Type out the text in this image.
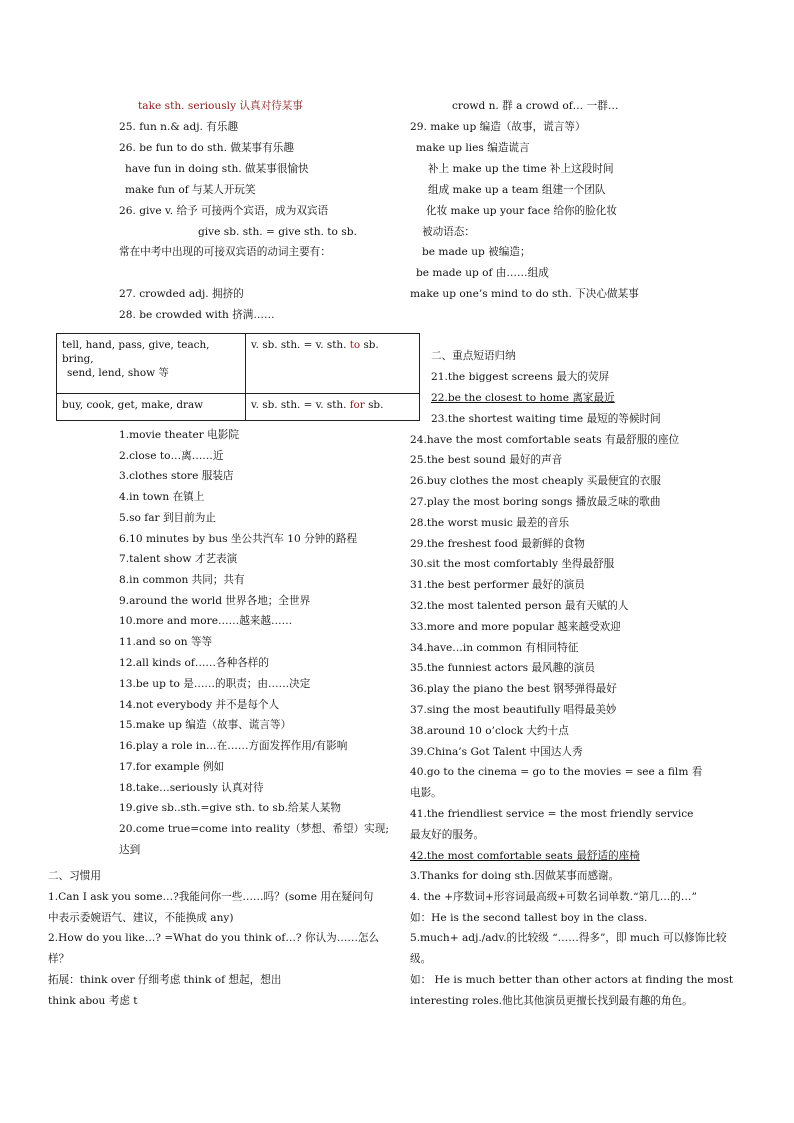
take sth. seriously 认真对待某事
25. fun n.& adj. 有乐趣
26. be fun to do sth. 做某事有乐趣
have fun in doing sth. 做某事很愉快
make fun of 与某人开玩笑
26. give v. 给予 可接两个宾语，成为双宾语
give sb. sth. = give sth. to sb.
常在中考中出现的可接双宾语的动词主要有：
27. crowded adj. 拥挤的
28. be crowded with 挤满……
tell, hand, pass, give, teach, bring,
send, lend, show 等	v. sb. sth. = v. sth. to sb.

buy, cook, get, make, draw	v. sb. sth. = v. sth. for sb.
1.movie theater 电影院
2.close to…离……近
3.clothes store 服装店
4.in town 在镇上
5.so far 到目前为止
6.10 minutes by bus 坐公共汽车 10 分钟的路程
7.talent show 才艺表演
8.in common 共同；共有
9.around the world 世界各地；全世界
10.more and more……越来越……
11.and so on 等等
12.all kinds of……各种各样的
13.be up to 是……的职责；由……决定
14.not everybody 并不是每个人
15.make up 编造（故事、谎言等）
16.play a role in…在……方面发挥作用/有影响
17.for example 例如
18.take…seriously 认真对待
19.give sb..sth.=give sth. to sb.给某人某物
20.come true=come into reality（梦想、希望）实现;
达到
二、习惯用
1.Can I ask you some…?我能问你一些……吗？(some 用在疑问句
中表示委婉语气、建议，不能换成 any)
2.How do you like…? =What do you think of…? 你认为……怎么
样？
拓展：think over 仔细考虑 think of 想起，想出
think abou 考虑 t
crowd n. 群 a crowd of… 一群…
29. make up 编造（故事，谎言等）
make up lies 编造谎言
补上 make up the time 补上这段时间
组成 make up a team 组建一个团队
化妆 make up your face 给你的脸化妆
被动语态：
be made up 被编造；
be made up of 由……组成
make up one’s mind to do sth. 下决心做某事
二、重点短语归纳
21.the biggest screens 最大的荧屏
22.be the closest to home 离家最近
23.the shortest waiting time 最短的等候时间
24.have the most comfortable seats 有最舒服的座位
25.the best sound 最好的声音
26.buy clothes the most cheaply 买最便宜的衣服
27.play the most boring songs 播放最乏味的歌曲
28.the worst music 最差的音乐
29.the freshest food 最新鲜的食物
30.sit the most comfortably 坐得最舒服
31.the best performer 最好的演员
32.the most talented person 最有天赋的人
33.more and more popular 越来越受欢迎
34.have…in common 有相同特征
35.the funniest actors 最风趣的演员
36.play the piano the best 钢琴弹得最好
37.sing the most beautifully 唱得最美妙
38.around 10 o’clock 大约十点
39.China’s Got Talent 中国达人秀
40.go to the cinema = go to the movies = see a film 看
电影。
41.the friendliest service = the most friendly service
最友好的服务。
42.the most comfortable seats 最舒适的座椅
3.Thanks for doing sth.因做某事而感谢。
4. the +序数词+形容词最高级+可数名词单数.“第几…的…”
如：He is the second tallest boy in the class.
5.much+ adj./adv.的比较级 “……得多”，即 much 可以修饰比较
级。
如： He is much better than other actors at finding the most
interesting roles.他比其他演员更擅长找到最有趣的角色。
